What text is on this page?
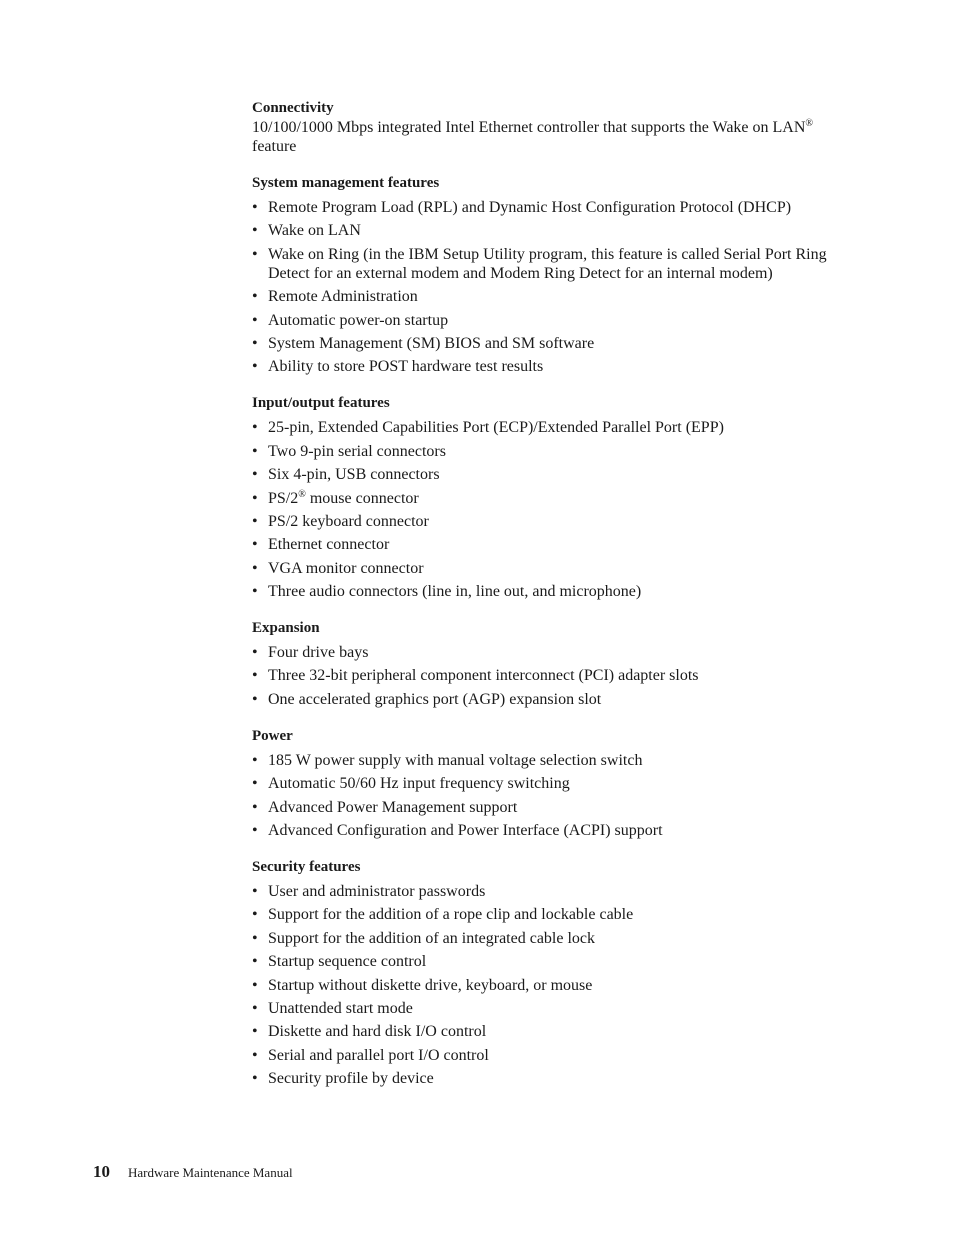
Connectivity

10/100/1000 Mbps integrated Intel Ethernet controller that supports the Wake on LAN® feature

System management features
• Remote Program Load (RPL) and Dynamic Host Configuration Protocol (DHCP)
• Wake on LAN
• Wake on Ring (in the IBM Setup Utility program, this feature is called Serial Port Ring Detect for an external modem and Modem Ring Detect for an internal modem)
• Remote Administration
• Automatic power-on startup
• System Management (SM) BIOS and SM software
• Ability to store POST hardware test results
Input/output features
• 25-pin, Extended Capabilities Port (ECP)/Extended Parallel Port (EPP)
• Two 9-pin serial connectors
• Six 4-pin, USB connectors
• PS/2® mouse connector
• PS/2 keyboard connector
• Ethernet connector
• VGA monitor connector
• Three audio connectors (line in, line out, and microphone)
Expansion
• Four drive bays
• Three 32-bit peripheral component interconnect (PCI) adapter slots
• One accelerated graphics port (AGP) expansion slot
Power
• 185 W power supply with manual voltage selection switch
• Automatic 50/60 Hz input frequency switching
• Advanced Power Management support
• Advanced Configuration and Power Interface (ACPI) support
Security features
• User and administrator passwords
• Support for the addition of a rope clip and lockable cable
• Support for the addition of an integrated cable lock
• Startup sequence control
• Startup without diskette drive, keyboard, or mouse
• Unattended start mode
• Diskette and hard disk I/O control
• Serial and parallel port I/O control
• Security profile by device
10 Hardware Maintenance Manual
